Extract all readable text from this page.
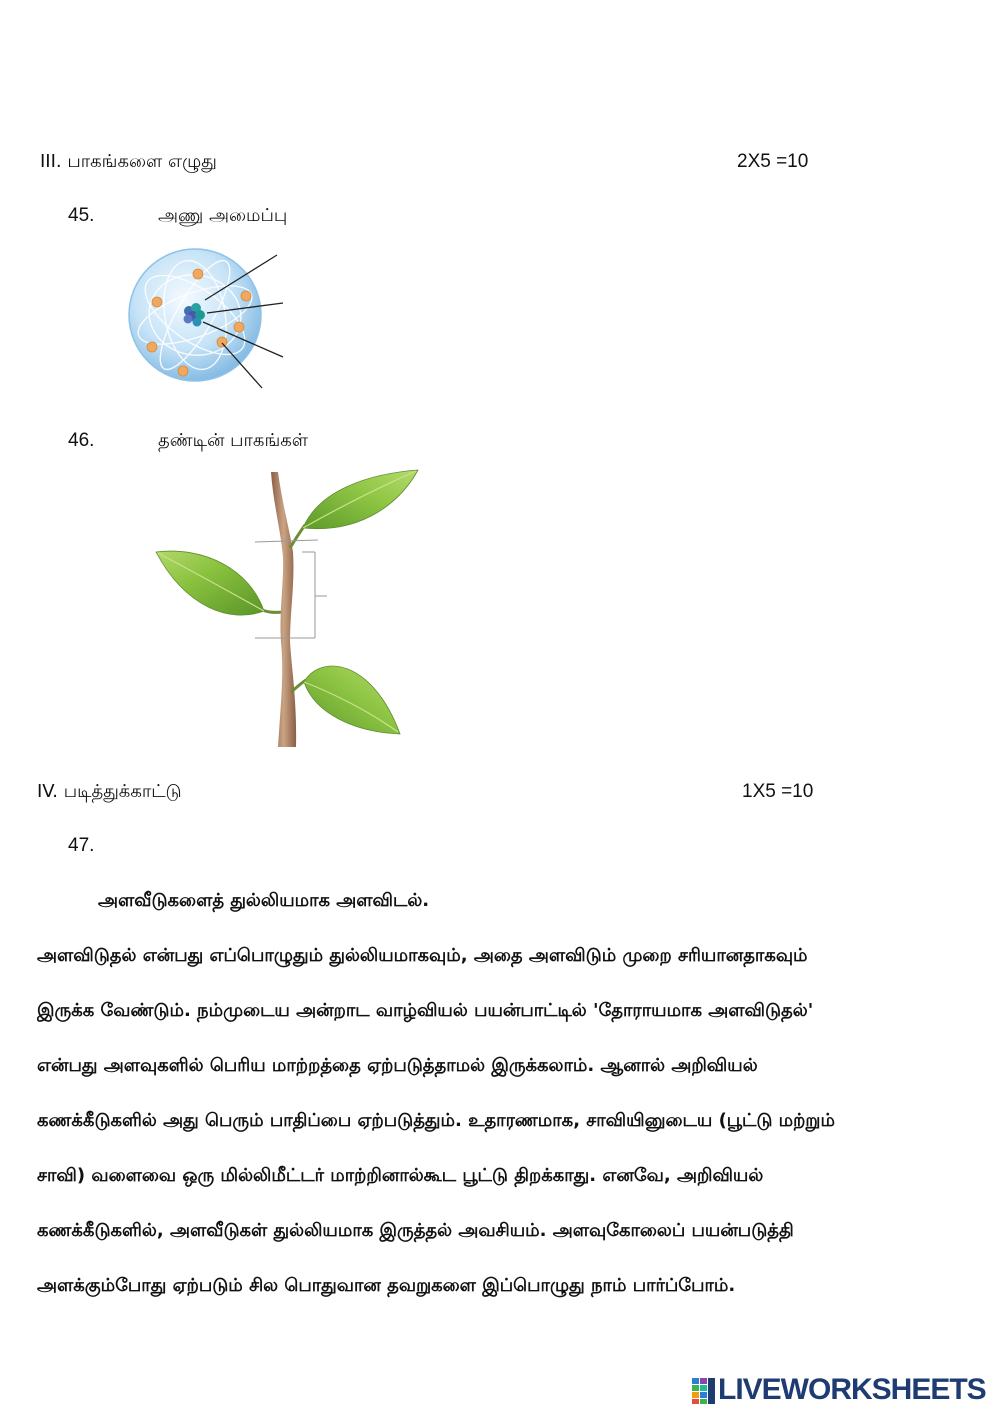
III. பாகங்களை எழுது	2X5 =10
45.	அணு அமைப்பு
46.	தண்டின் பாகங்கள்
IV. படித்துக்காட்டு	1X5 =10
47.
அளவீடுகளைத் துல்லியமாக அளவிடல்.
அளவிடுதல் என்பது எப்பொழுதும் துல்லியமாகவும், அதை அளவிடும் முறை சரியானதாகவும்
இருக்க வேண்டும். நம்முடைய அன்றாட வாழ்வியல் பயன்பாட்டில் 'தோராயமாக அளவிடுதல்'
என்பது அளவுகளில் பெரிய மாற்றத்தை ஏற்படுத்தாமல் இருக்கலாம். ஆனால் அறிவியல்
கணக்கீடுகளில் அது பெரும் பாதிப்பை ஏற்படுத்தும். உதாரணமாக, சாவியினுடைய (பூட்டு மற்றும்
சாவி) வளைவை ஒரு மில்லிமீட்டர் மாற்றினால்கூட பூட்டு திறக்காது. எனவே, அறிவியல்
கணக்கீடுகளில், அளவீடுகள் துல்லியமாக இருத்தல் அவசியம். அளவுகோலைப் பயன்படுத்தி
அளக்கும்போது ஏற்படும் சில பொதுவான தவறுகளை இப்பொழுது நாம் பார்ப்போம்.
LIVEWORKSHEETS
